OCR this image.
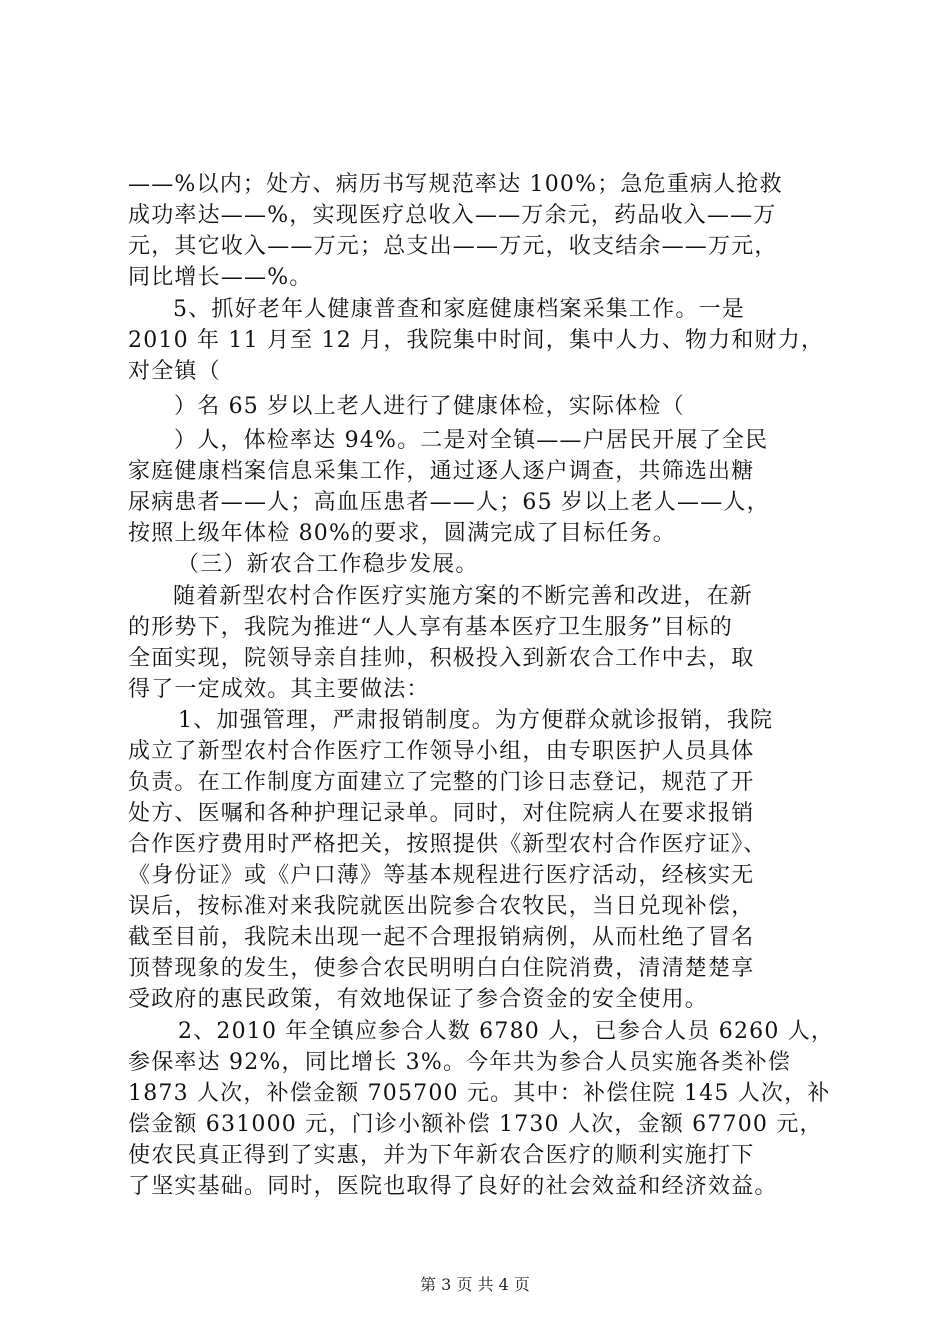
——%以内；处方、病历书写规范率达 100%；急危重病人抢救
成功率达——%，实现医疗总收入——万余元，药品收入——万
元，其它收入——万元；总支出——万元，收支结余——万元，
同比增长——%。
5、抓好老年人健康普查和家庭健康档案采集工作。一是
2010 年 11 月至 12 月，我院集中时间，集中人力、物力和财力，
对全镇（
）名 65 岁以上老人进行了健康体检，实际体检（
）人，体检率达 94%。二是对全镇——户居民开展了全民
家庭健康档案信息采集工作，通过逐人逐户调查，共筛选出糖
尿病患者——人；高血压患者——人；65 岁以上老人——人，
按照上级年体检 80%的要求，圆满完成了目标任务。
（三）新农合工作稳步发展。
随着新型农村合作医疗实施方案的不断完善和改进，在新
的形势下，我院为推进“人人享有基本医疗卫生服务”目标的
全面实现，院领导亲自挂帅，积极投入到新农合工作中去，取
得了一定成效。其主要做法：
1、加强管理，严肃报销制度。为方便群众就诊报销，我院
成立了新型农村合作医疗工作领导小组，由专职医护人员具体
负责。在工作制度方面建立了完整的门诊日志登记，规范了开
处方、医嘱和各种护理记录单。同时，对住院病人在要求报销
合作医疗费用时严格把关，按照提供《新型农村合作医疗证》、
《身份证》或《户口薄》等基本规程进行医疗活动，经核实无
误后，按标准对来我院就医出院参合农牧民，当日兑现补偿，
截至目前，我院未出现一起不合理报销病例，从而杜绝了冒名
顶替现象的发生，使参合农民明明白白住院消费，清清楚楚享
受政府的惠民政策，有效地保证了参合资金的安全使用。
2、2010 年全镇应参合人数 6780 人，已参合人员 6260 人，
参保率达 92%，同比增长 3%。今年共为参合人员实施各类补偿
1873 人次，补偿金额 705700 元。其中：补偿住院 145 人次，补
偿金额 631000 元，门诊小额补偿 1730 人次，金额 67700 元，
使农民真正得到了实惠，并为下年新农合医疗的顺利实施打下
了坚实基础。同时，医院也取得了良好的社会效益和经济效益。
第 3 页 共 4 页
